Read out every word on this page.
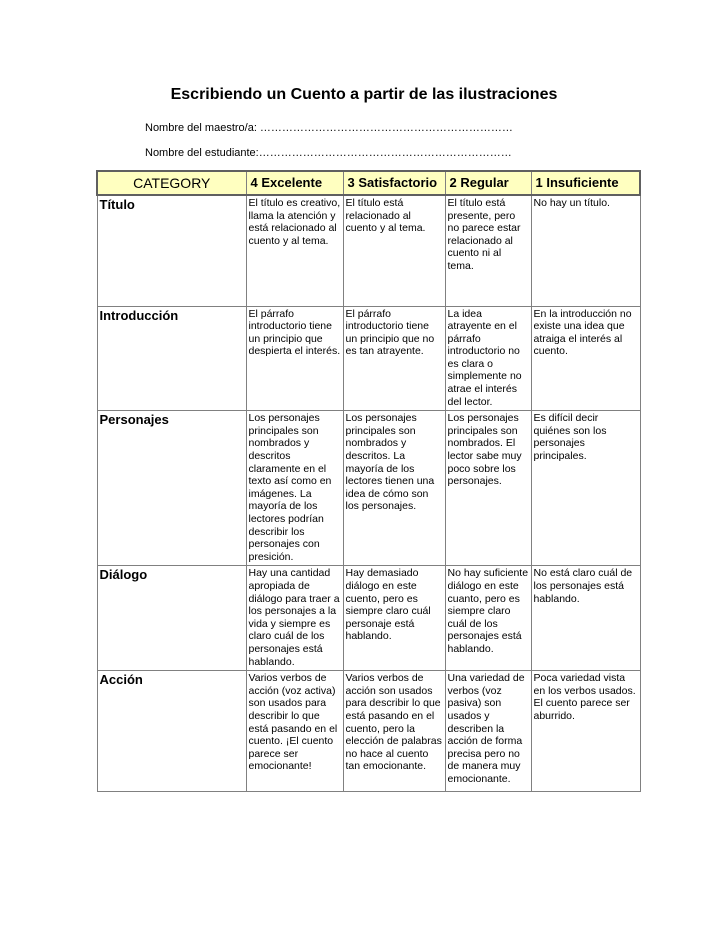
Escribiendo un Cuento a partir de las ilustraciones
Nombre del maestro/a: ……………………………………………………………
Nombre del estudiante:……………………………………………………………
CATEGORY	4 Excelente	3 Satisfactorio	2 Regular	1 Insuficiente
Título	El título es creativo, llama la atención y está relacionado al cuento y al tema.	El título está relacionado al cuento y al tema.	El título está presente, pero no parece estar relacionado al cuento ni al tema.	No hay un título.
Introducción	El párrafo introductorio tiene un principio que despierta el interés.	El párrafo introductorio tiene un principio que no es tan atrayente.	La idea atrayente en el párrafo introductorio no es clara o simplemente no atrae el interés del lector.	En la introducción no existe una idea que atraiga el interés al cuento.
Personajes	Los personajes principales son nombrados y descritos claramente en el texto así como en imágenes. La mayoría de los lectores podrían describir los personajes con presición.	Los personajes principales son nombrados y descritos. La mayoría de los lectores tienen una idea de cómo son los personajes.	Los personajes principales son nombrados. El lector sabe muy poco sobre los personajes.	Es difícil decir quiénes son los personajes principales.
Diálogo	Hay una cantidad apropiada de diálogo para traer a los personajes a la vida y siempre es claro cuál de los personajes está hablando.	Hay demasiado diálogo en este cuento, pero es siempre claro cuál personaje está hablando.	No hay suficiente diálogo en este cuanto, pero es siempre claro cuál de los personajes está hablando.	No está claro cuál de los personajes está hablando.
Acción	Varios verbos de acción (voz activa) son usados para describir lo que está pasando en el cuento. ¡El cuento parece ser emocionante!	Varios verbos de acción son usados para describir lo que está pasando en el cuento, pero la elección de palabras no hace al cuento tan emocionante.	Una variedad de verbos (voz pasiva) son usados y describen la acción de forma precisa pero no de manera muy emocionante.	Poca variedad vista en los verbos usados. El cuento parece ser aburrido.
